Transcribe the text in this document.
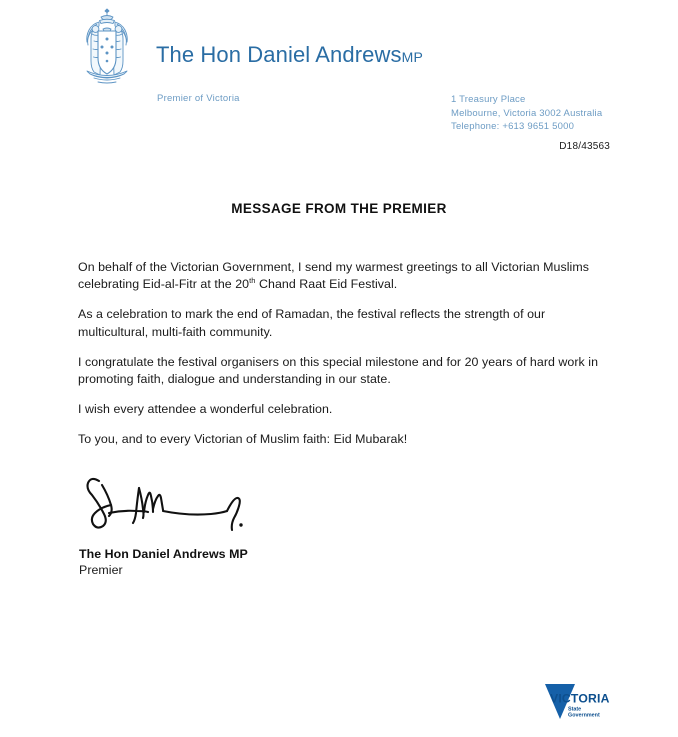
The Hon Daniel AndrewsMP
Premier of Victoria	1 Treasury Place
Melbourne, Victoria 3002 Australia
Telephone: +613 9651 5000
D18/43563
MESSAGE FROM THE PREMIER

On behalf of the Victorian Government, I send my warmest greetings to all Victorian Muslims celebrating Eid-al-Fitr at the 20th Chand Raat Eid Festival.

As a celebration to mark the end of Ramadan, the festival reflects the strength of our multicultural, multi-faith community.

I congratulate the festival organisers on this special milestone and for 20 years of hard work in promoting faith, dialogue and understanding in our state.

I wish every attendee a wonderful celebration.

To you, and to every Victorian of Muslim faith: Eid Mubarak!

The Hon Daniel Andrews MP
Premier
VICTORIA
State
Government
